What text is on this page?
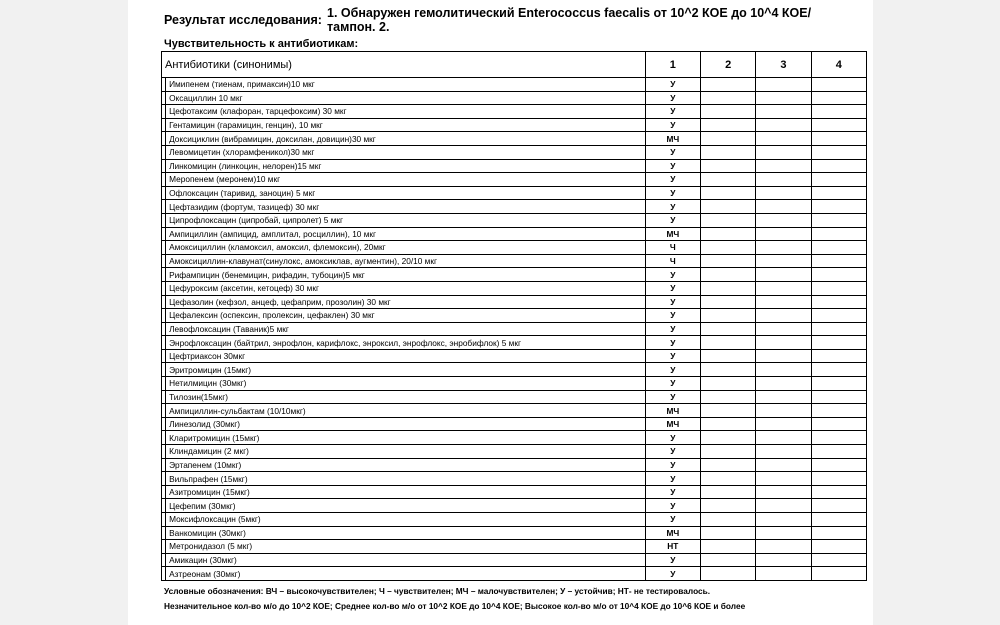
Результат исследования: 1. Обнаружен гемолитический Enterococcus faecalis от 10^2 КОЕ до 10^4 КОЕ/тампон. 2.
Чувствительность к антибиотикам:
Антибиотики (синонимы)		1	2	3	4
	Имипенем (тиенам, примаксин)10 мкг	У			
	Оксациллин 10 мкг	У			
	Цефотаксим (клафоран, тарцефоксим) 30 мкг	У			
	Гентамицин (гарамицин, генцин), 10 мкг	У			
	Доксициклин (вибрамицин, доксилан, довицин)30 мкг	МЧ			
	Левомицетин (хлорамфеникол)30 мкг	У			
	Линкомицин (линкоцин, нелорен)15 мкг	У			
	Меропенем (меронем)10 мкг	У			
	Офлоксацин (таривид, заноцин) 5 мкг	У			
	Цефтазидим (фортум, тазицеф) 30 мкг	У			
	Ципрофлоксацин (ципробай, ципролет) 5 мкг	У			
	Ампициллин (ампицид, амплитал, росциллин), 10 мкг	МЧ			
	Амоксициллин (кламоксил, амоксил, флемоксин), 20мкг	Ч			
	Амоксициллин-клавунат(синулокс, амоксиклав, аугментин), 20/10 мкг	Ч			
	Рифампицин (бенемицин, рифадин, тубоцин)5 мкг	У			
	Цефуроксим (аксетин, кетоцеф) 30 мкг	У			
	Цефазолин (кефзол, анцеф, цефаприм, прозолин) 30 мкг	У			
	Цефалексин (оспексин, пролексин, цефаклен) 30 мкг	У			
	Левофлоксацин (Таваник)5 мкг	У			
	Энрофлоксацин (байтрил, энрофлон, карифлокс, энроксил, энрофлокс, энробифлок) 5 мкг	У			
	Цефтриаксон 30мкг	У			
	Эритромицин (15мкг)	У			
	Нетилмицин (30мкг)	У			
	Тилозин(15мкг)	У			
	Ампициллин-сульбактам (10/10мкг)	МЧ			
	Линезолид (30мкг)	МЧ			
	Кларитромицин (15мкг)	У			
	Клиндамицин (2 мкг)	У			
	Эртапенем (10мкг)	У			
	Вильпрафен (15мкг)	У			
	Азитромицин (15мкг)	У			
	Цефепим (30мкг)	У			
	Моксифлоксацин (5мкг)	У			
	Ванкомицин (30мкг)	МЧ			
	Метронидазол (5 мкг)	НТ			
	Амикацин (30мкг)	У			
	Азтреонам (30мкг)	У			
Условные обозначения: ВЧ – высокочувствителен; Ч – чувствителен; МЧ – малочувствителен; У – устойчив; НТ- не тестировалось.
Незначительное кол-во м/о до 10^2 КОЕ; Среднее кол-во м/о от 10^2 КОЕ до 10^4 КОЕ; Высокое кол-во м/о от 10^4 КОЕ до 10^6 КОЕ и более
